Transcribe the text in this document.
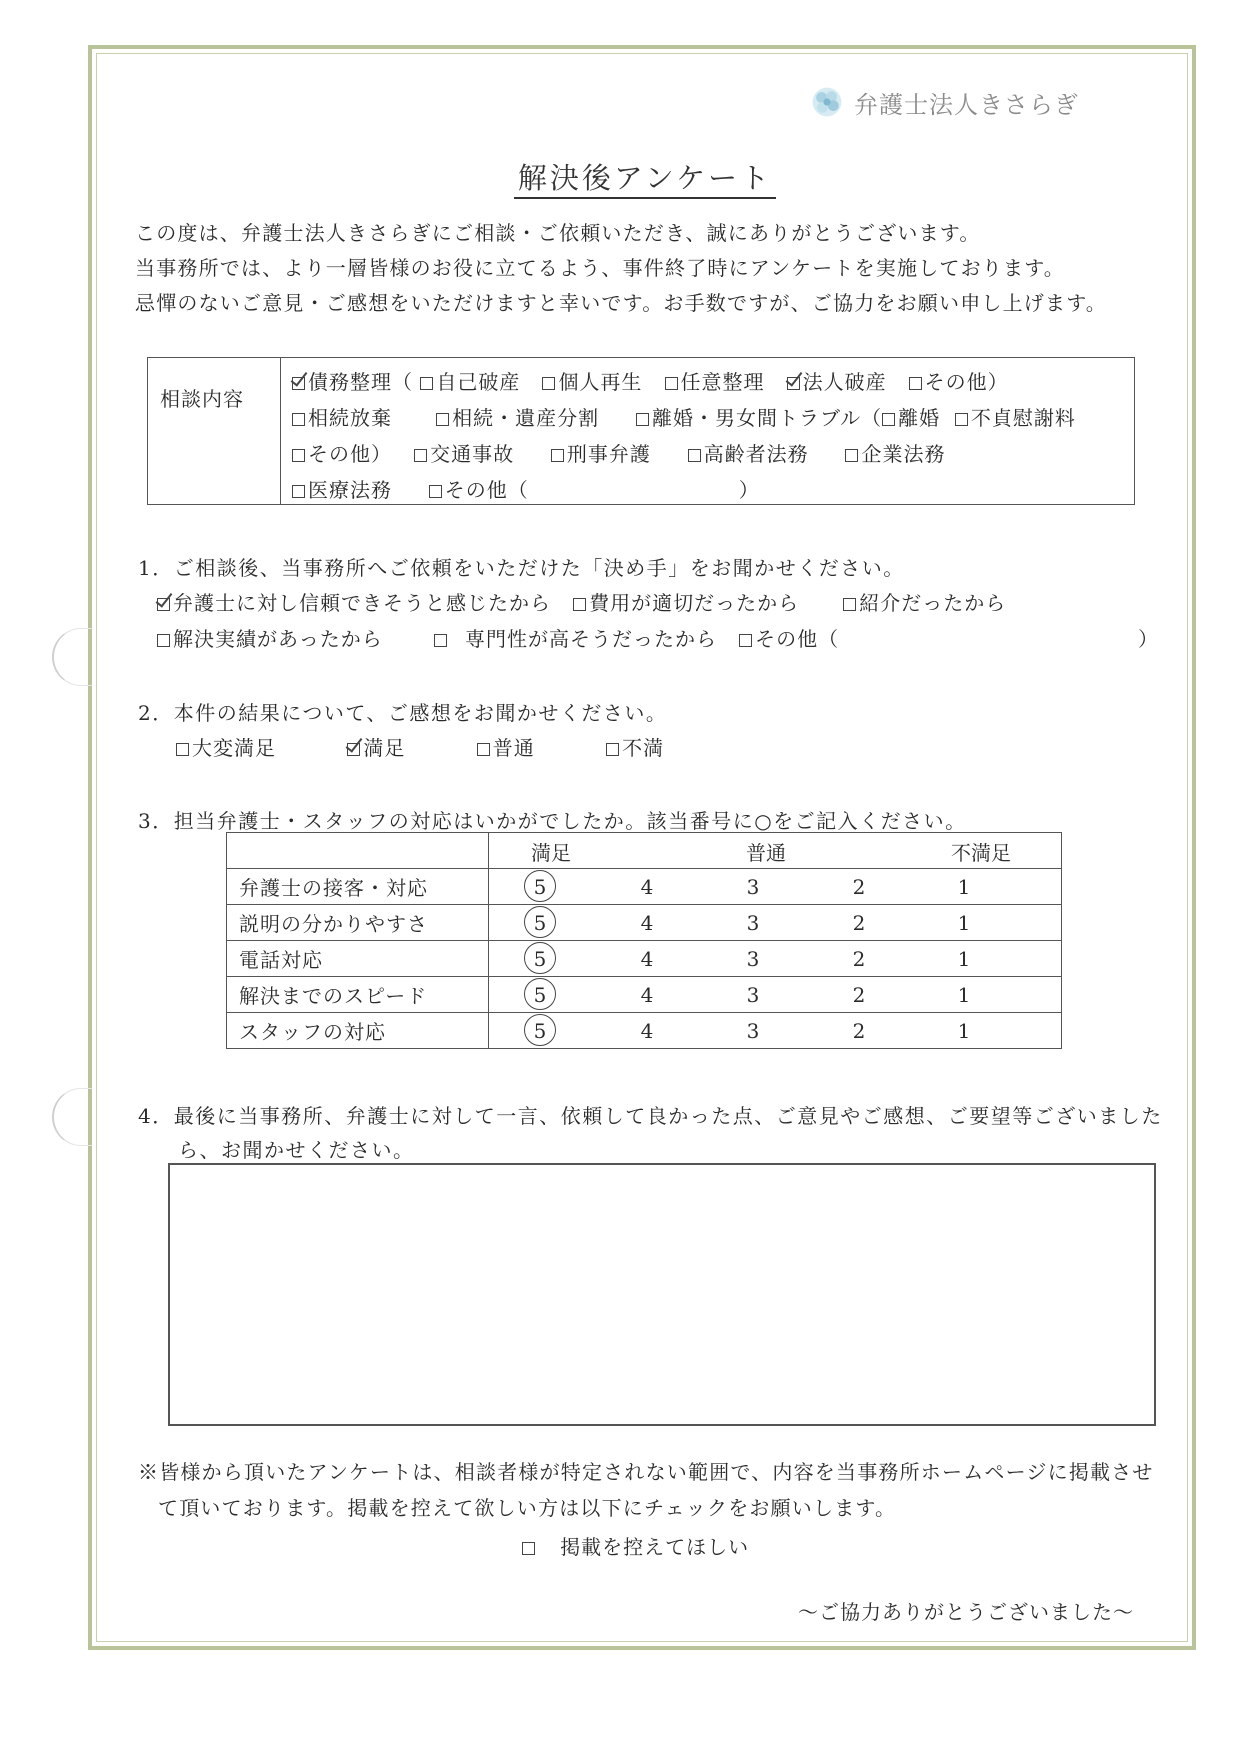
弁護士法人きさらぎ
解決後アンケート
この度は、弁護士法人きさらぎにご相談・ご依頼いただき、誠にありがとうございます。
当事務所では、より一層皆様のお役に立てるよう、事件終了時にアンケートを実施しております。
忌憚のないご意見・ご感想をいただけますと幸いです。お手数ですが、ご協力をお願い申し上げます。
相談内容
債務整理（ 自己破産 個人再生 任意整理 法人破産 その他）
相続放棄	相続・遺産分割	離婚・男女間トラブル（ 離婚 不貞慰謝料
その他） 交通事故	刑事弁護	高齢者法務	企業法務
医療法務	その他（	）
1．ご相談後、当事務所へご依頼をいただけた「決め手」をお聞かせください。
弁護士に対し信頼できそうと感じたから 費用が適切だったから	紹介だったから
解決実績があったから	専門性が高そうだったから その他（	）
2．本件の結果について、ご感想をお聞かせください。
大変満足	満足	普通	不満
3．担当弁護士・スタッフの対応はいかがでしたか。該当番号に○をご記入ください。

	満足 普通 不満足

弁護士の接客・対応	5 4 3 2 1

説明の分かりやすさ	5 4 3 2 1

電話対応	5 4 3 2 1

解決までのスピード	5 4 3 2 1

スタッフの対応	5 4 3 2 1
4．最後に当事務所、弁護士に対して一言、依頼して良かった点、ご意見やご感想、ご要望等ございました
ら、お聞かせください。
※皆様から頂いたアンケートは、相談者様が特定されない範囲で、内容を当事務所ホームページに掲載させ
て頂いております。掲載を控えて欲しい方は以下にチェックをお願いします。
掲載を控えてほしい
～ご協力ありがとうございました～
